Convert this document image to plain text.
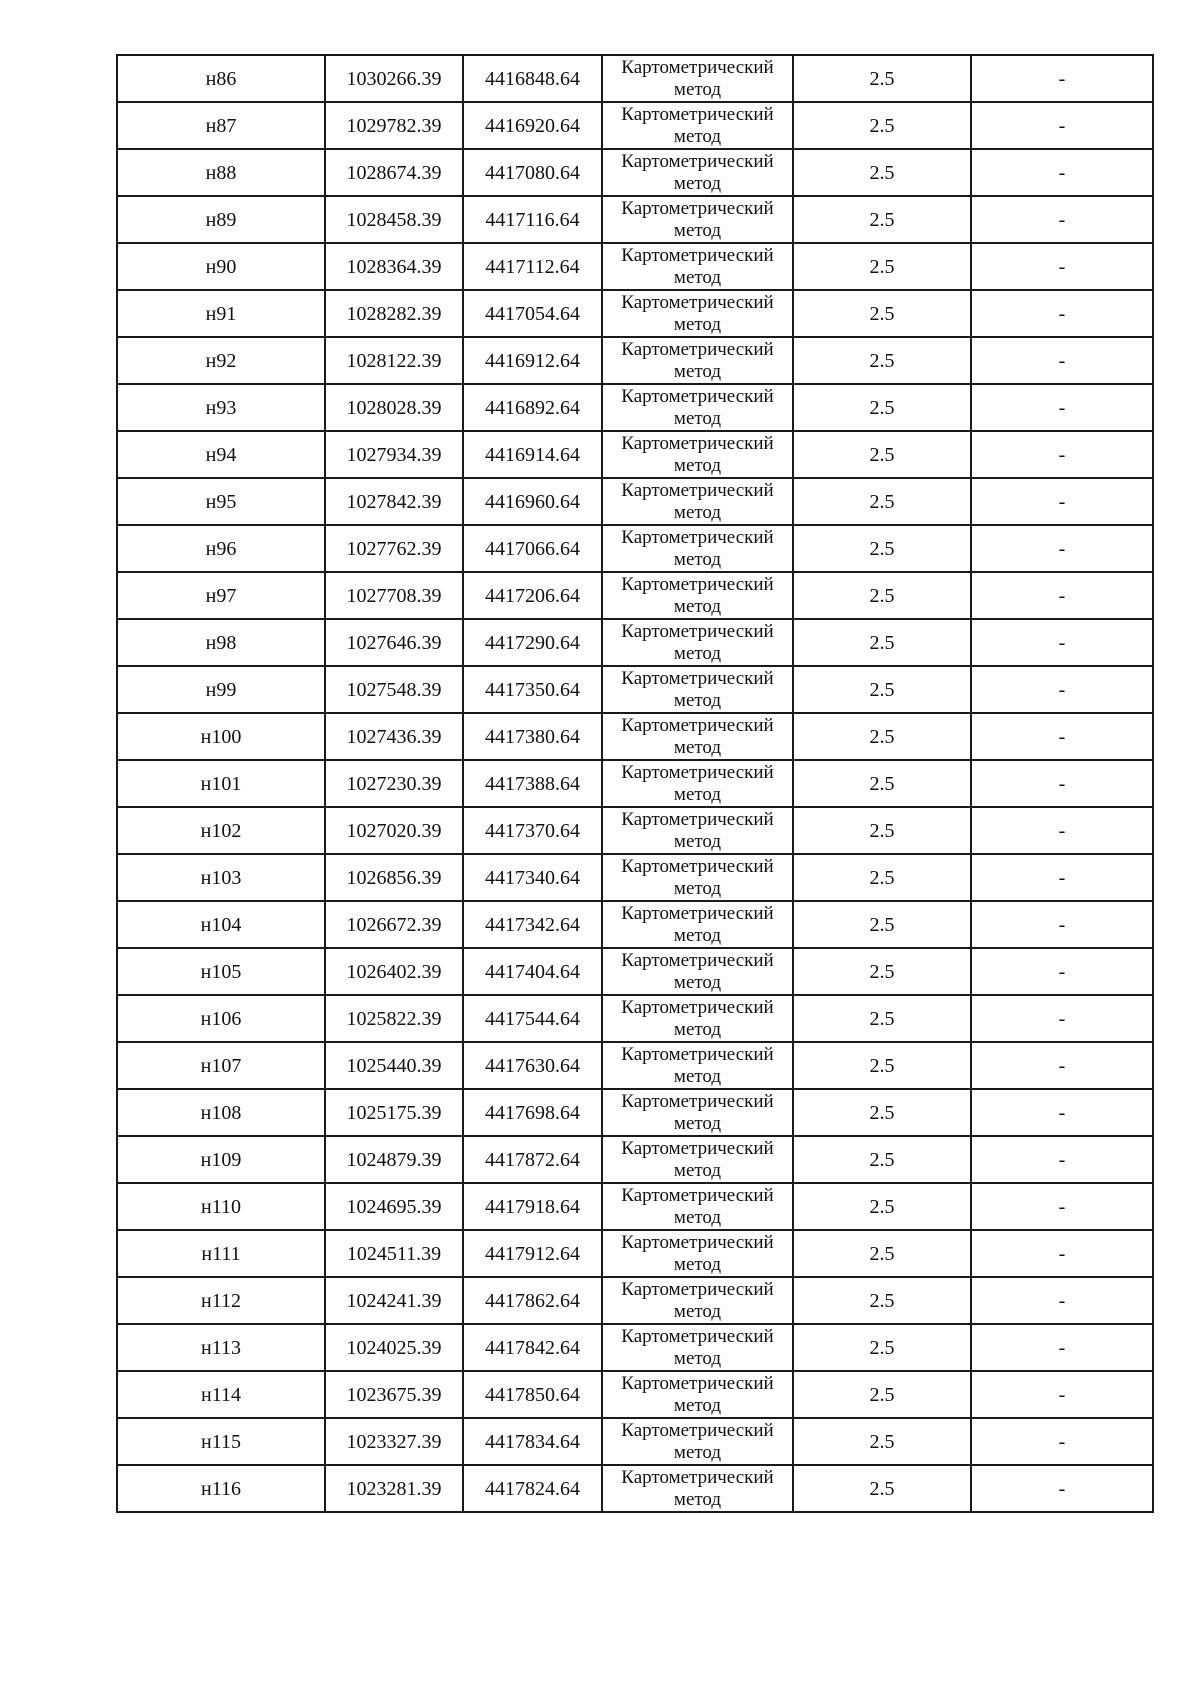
н86	1030266.39	4416848.64	Картометрический метод	2.5	-
н87	1029782.39	4416920.64	Картометрический метод	2.5	-
н88	1028674.39	4417080.64	Картометрический метод	2.5	-
н89	1028458.39	4417116.64	Картометрический метод	2.5	-
н90	1028364.39	4417112.64	Картометрический метод	2.5	-
н91	1028282.39	4417054.64	Картометрический метод	2.5	-
н92	1028122.39	4416912.64	Картометрический метод	2.5	-
н93	1028028.39	4416892.64	Картометрический метод	2.5	-
н94	1027934.39	4416914.64	Картометрический метод	2.5	-
н95	1027842.39	4416960.64	Картометрический метод	2.5	-
н96	1027762.39	4417066.64	Картометрический метод	2.5	-
н97	1027708.39	4417206.64	Картометрический метод	2.5	-
н98	1027646.39	4417290.64	Картометрический метод	2.5	-
н99	1027548.39	4417350.64	Картометрический метод	2.5	-
н100	1027436.39	4417380.64	Картометрический метод	2.5	-
н101	1027230.39	4417388.64	Картометрический метод	2.5	-
н102	1027020.39	4417370.64	Картометрический метод	2.5	-
н103	1026856.39	4417340.64	Картометрический метод	2.5	-
н104	1026672.39	4417342.64	Картометрический метод	2.5	-
н105	1026402.39	4417404.64	Картометрический метод	2.5	-
н106	1025822.39	4417544.64	Картометрический метод	2.5	-
н107	1025440.39	4417630.64	Картометрический метод	2.5	-
н108	1025175.39	4417698.64	Картометрический метод	2.5	-
н109	1024879.39	4417872.64	Картометрический метод	2.5	-
н110	1024695.39	4417918.64	Картометрический метод	2.5	-
н111	1024511.39	4417912.64	Картометрический метод	2.5	-
н112	1024241.39	4417862.64	Картометрический метод	2.5	-
н113	1024025.39	4417842.64	Картометрический метод	2.5	-
н114	1023675.39	4417850.64	Картометрический метод	2.5	-
н115	1023327.39	4417834.64	Картометрический метод	2.5	-
н116	1023281.39	4417824.64	Картометрический метод	2.5	-
